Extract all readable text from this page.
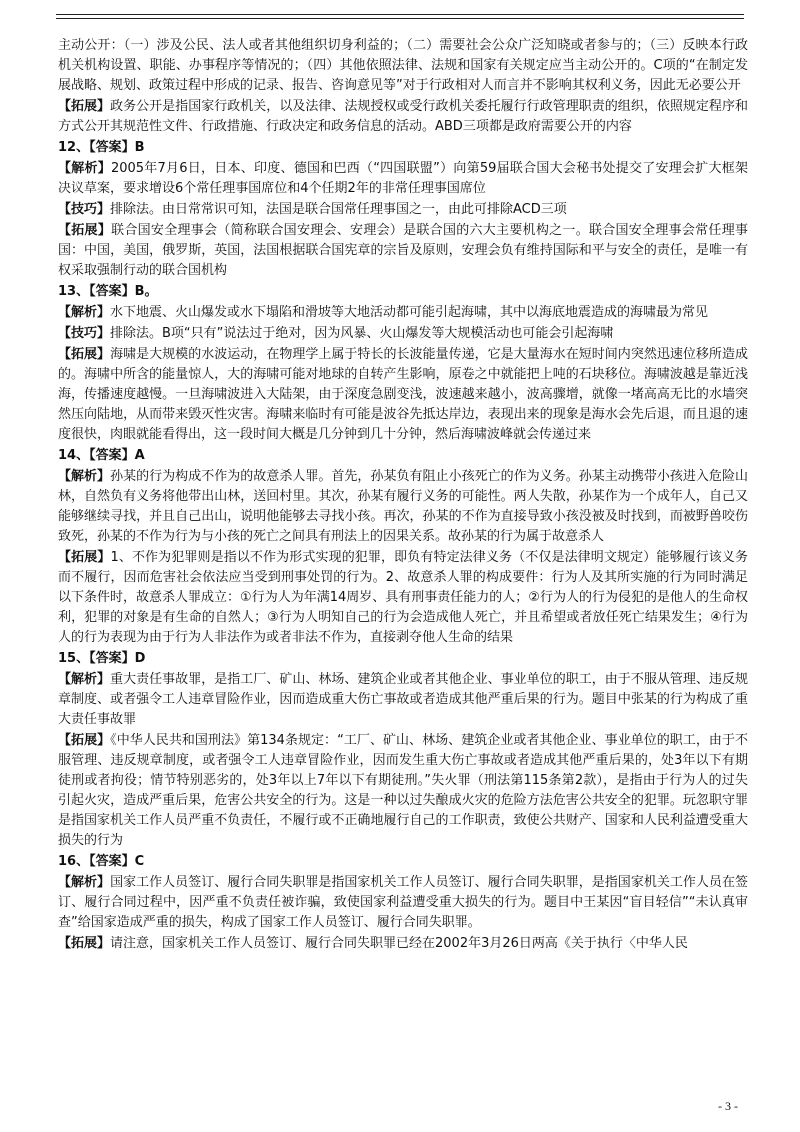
主动公开：（一）涉及公民、法人或者其他组织切身利益的；（二）需要社会公众广泛知晓或者参与的；（三）反映本行政机关机构设置、职能、办事程序等情况的；（四）其他依照法律、法规和国家有关规定应当主动公开的。C项的“在制定发展战略、规划、政策过程中形成的记录、报告、咨询意见等”对于行政相对人而言并不影响其权利义务，因此无必要公开

【拓展】政务公开是指国家行政机关，以及法律、法规授权或受行政机关委托履行行政管理职责的组织，依照规定程序和方式公开其规范性文件、行政措施、行政决定和政务信息的活动。ABD三项都是政府需要公开的内容

12、【答案】B

【解析】2005年7月6日，日本、印度、德国和巴西（“四国联盟”）向第59届联合国大会秘书处提交了安理会扩大框架决议草案，要求增设6个常任理事国席位和4个任期2年的非常任理事国席位

【技巧】排除法。由日常常识可知，法国是联合国常任理事国之一，由此可排除ACD三项

【拓展】联合国安全理事会（简称联合国安理会、安理会）是联合国的六大主要机构之一。联合国安全理事会常任理事国：中国，美国，俄罗斯，英国，法国根据联合国宪章的宗旨及原则，安理会负有维持国际和平与安全的责任，是唯一有权采取强制行动的联合国机构

13、【答案】B。

【解析】水下地震、火山爆发或水下塌陷和滑坡等大地活动都可能引起海啸，其中以海底地震造成的海啸最为常见

【技巧】排除法。B项“只有”说法过于绝对，因为风暴、火山爆发等大规模活动也可能会引起海啸

【拓展】海啸是大规模的水波运动，在物理学上属于特长的长波能量传递，它是大量海水在短时间内突然迅速位移所造成的。海啸中所含的能量惊人，大的海啸可能对地球的自转产生影响，原卷之中就能把上吨的石块移位。海啸波越是靠近浅海，传播速度越慢。一旦海啸波进入大陆架，由于深度急剧变浅，波速越来越小，波高骤增，就像一堵高高无比的水墙突然压向陆地，从而带来毁灭性灾害。海啸来临时有可能是波谷先抵达岸边，表现出来的现象是海水会先后退，而且退的速度很快，肉眼就能看得出，这一段时间大概是几分钟到几十分钟，然后海啸波峰就会传递过来

14、【答案】A

【解析】孙某的行为构成不作为的故意杀人罪。首先，孙某负有阻止小孩死亡的作为义务。孙某主动携带小孩进入危险山林，自然负有义务将他带出山林，送回村里。其次，孙某有履行义务的可能性。两人失散，孙某作为一个成年人，自己又能够继续寻找，并且自己出山，说明他能够去寻找小孩。再次，孙某的不作为直接导致小孩没被及时找到，而被野兽咬伤致死，孙某的不作为行为与小孩的死亡之间具有刑法上的因果关系。故孙某的行为属于故意杀人

【拓展】1、不作为犯罪则是指以不作为形式实现的犯罪，即负有特定法律义务（不仅是法律明文规定）能够履行该义务而不履行，因而危害社会依法应当受到刑事处罚的行为。2、故意杀人罪的构成要件：行为人及其所实施的行为同时满足以下条件时，故意杀人罪成立：①行为人为年满14周岁、具有刑事责任能力的人；②行为人的行为侵犯的是他人的生命权利，犯罪的对象是有生命的自然人；③行为人明知自己的行为会造成他人死亡，并且希望或者放任死亡结果发生；④行为人的行为表现为由于行为人非法作为或者非法不作为，直接剥夺他人生命的结果

15、【答案】D

【解析】重大责任事故罪，是指工厂、矿山、林场、建筑企业或者其他企业、事业单位的职工，由于不服从管理、违反规章制度、或者强令工人违章冒险作业，因而造成重大伤亡事故或者造成其他严重后果的行为。题目中张某的行为构成了重大责任事故罪

【拓展】《中华人民共和国刑法》第134条规定：“工厂、矿山、林场、建筑企业或者其他企业、事业单位的职工，由于不服管理、违反规章制度，或者强令工人违章冒险作业，因而发生重大伤亡事故或者造成其他严重后果的，处3年以下有期徒刑或者拘役；情节特别恶劣的，处3年以上7年以下有期徒刑。”失火罪（刑法第115条第2款），是指由于行为人的过失引起火灾，造成严重后果，危害公共安全的行为。这是一种以过失酿成火灾的危险方法危害公共安全的犯罪。玩忽职守罪是指国家机关工作人员严重不负责任，不履行或不正确地履行自己的工作职责，致使公共财产、国家和人民利益遭受重大损失的行为

16、【答案】C

【解析】国家工作人员签订、履行合同失职罪是指国家机关工作人员签订、履行合同失职罪，是指国家机关工作人员在签订、履行合同过程中，因严重不负责任被诈骗，致使国家利益遭受重大损失的行为。题目中王某因“盲目轻信”“未认真审查”给国家造成严重的损失，构成了国家工作人员签订、履行合同失职罪。

【拓展】请注意，国家机关工作人员签订、履行合同失职罪已经在2002年3月26日两高《关于执行〈中华人民

- 3 -
